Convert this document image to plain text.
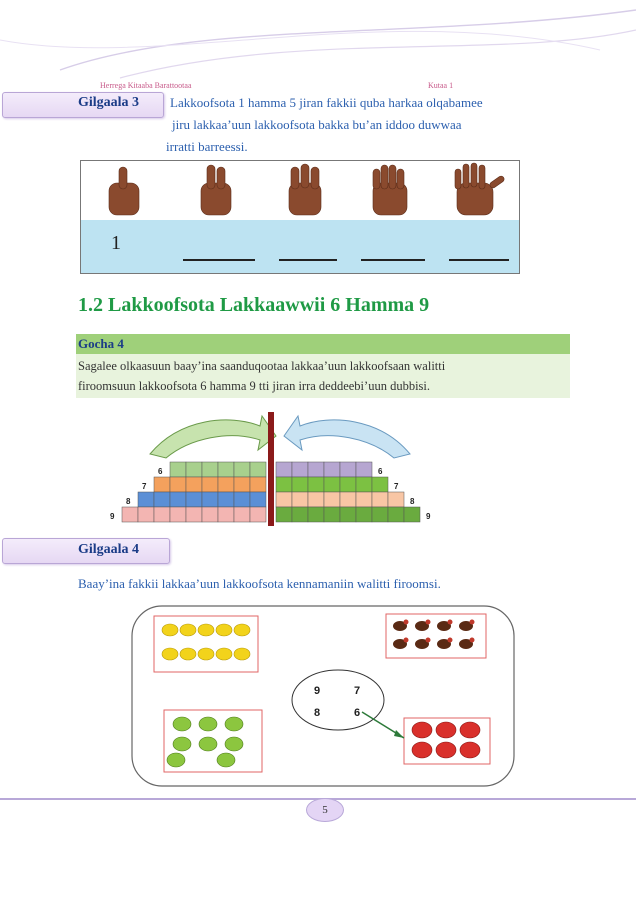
Herrega Kitaaba Barattootaa	Kutaa 1
Gilgaala 3 Lakkoofsota 1 hamma 5 jiran fakkii quba harkaa olqabamee
jiru lakkaa’uun lakkoofsota bakka bu’an iddoo duwwaa
irratti barreessi.
1
1.2 Lakkoofsota Lakkaawwii 6 Hamma 9
Gocha 4
Sagalee olkaasuun baay’ina saanduqootaa lakkaa’uun lakkoofsaan walitti
firoomsuun lakkoofsota 6 hamma 9 tti jiran irra deddeebi’uun dubbisi.
6	6
7	7
8	8
9	9
Gilgaala 4
Baay’ina fakkii lakkaa’uun lakkoofsota kennamaniin walitti firoomsi.
9	7
8	6
5
